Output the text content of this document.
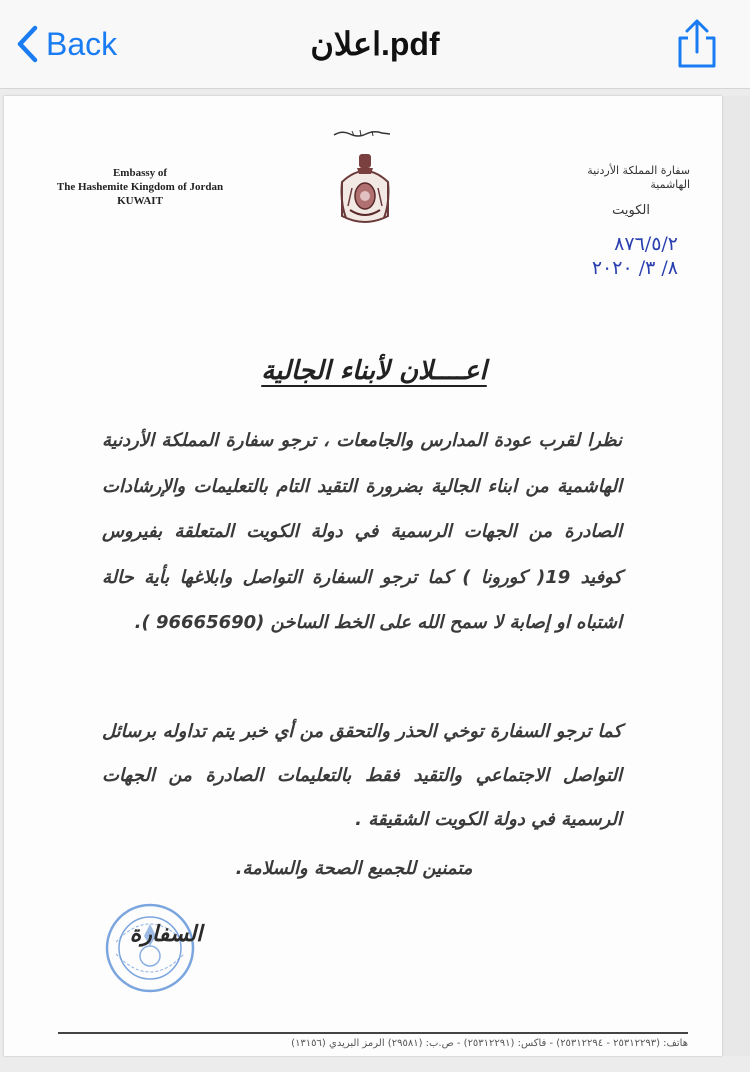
Back	اعلان.pdf
Embassy of
The Hashemite Kingdom of Jordan
KUWAIT
سفارة المملكة الأردنية الهاشمية
الكويت
٨٧٦/٥/٢
٨/ ٣/ ٢٠٢٠
اعــــلان لأبناء الجالية
نظرا لقرب عودة المدارس والجامعات ، ترجو سفارة المملكة الأردنية الهاشمية من ابناء الجالية بضرورة التقيد التام بالتعليمات والإرشادات الصادرة من الجهات الرسمية في دولة الكويت المتعلقة بفيروس كوفيد 19( كورونا ) كما ترجو السفارة التواصل وابلاغها بأية حالة اشتباه او إصابة لا سمح الله على الخط الساخن (96665690 ).
كما ترجو السفارة توخي الحذر والتحقق من أي خبر يتم تداوله برسائل التواصل الاجتماعي والتقيد فقط بالتعليمات الصادرة من الجهات الرسمية في دولة الكويت الشقيقة .
متمنين للجميع الصحة والسلامة.
السفارة
هاتف: (٢٥٣١٢٢٩٣ - ٢٥٣١٢٢٩٤) - فاكس: (٢٥٣١٢٢٩١) - ص.ب: (٢٩٥٨١) الرمز البريدي (١٣١٥٦)
